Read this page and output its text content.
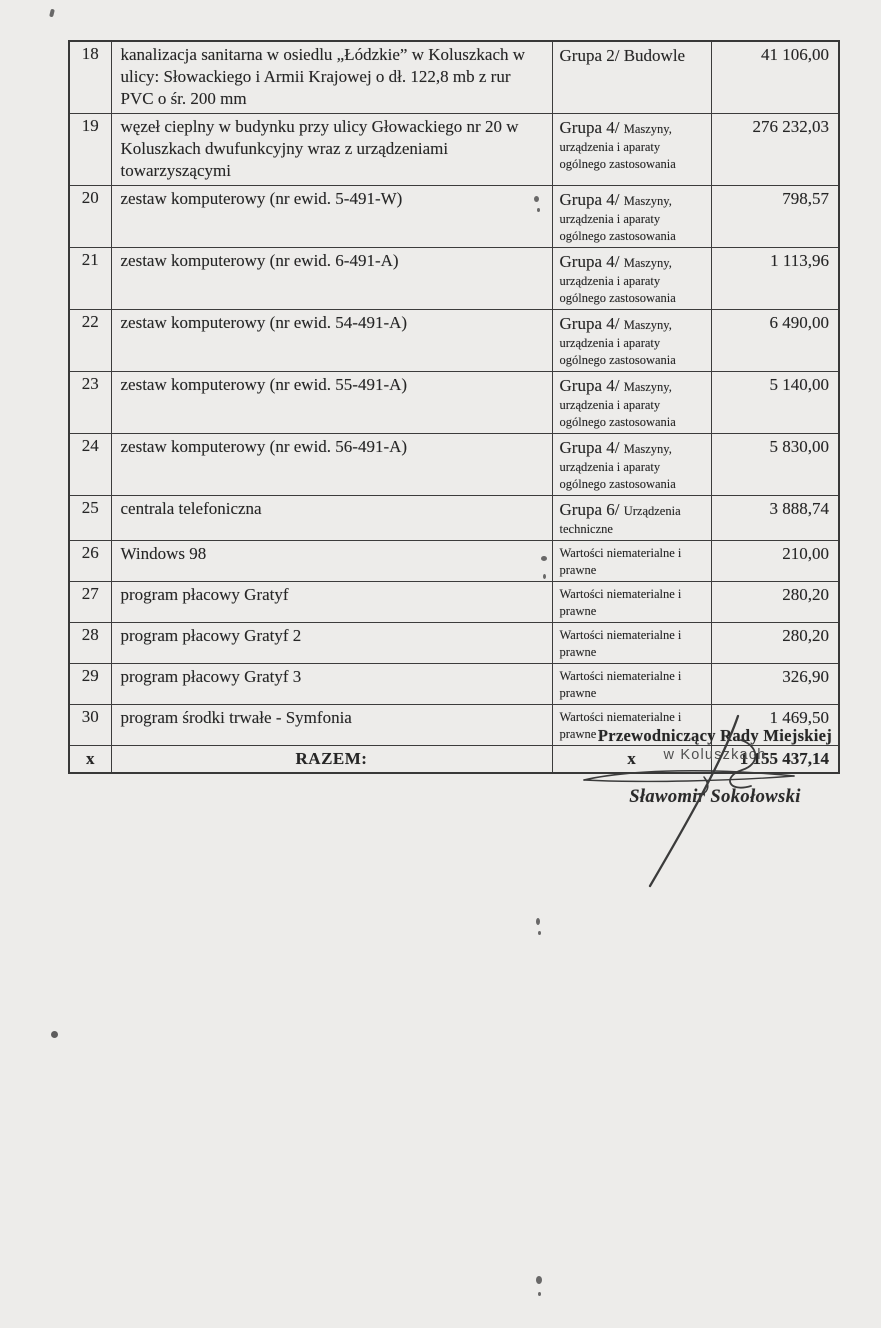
18	kanalizacja sanitarna w osiedlu „Łódzkie” w Koluszkach w ulicy: Słowackiego i Armii Krajowej o dł. 122,8 mb z rur PVC o śr. 200 mm	Grupa 2/ Budowle	41 106,00
19	węzeł cieplny w budynku przy ulicy Głowackiego nr 20 w Koluszkach dwufunkcyjny wraz z urządzeniami towarzyszącymi	Grupa 4/ Maszyny, urządzenia i aparaty ogólnego zastosowania	276 232,03
20	zestaw komputerowy (nr ewid. 5-491-W)	Grupa 4/ Maszyny, urządzenia i aparaty ogólnego zastosowania	798,57
21	zestaw komputerowy (nr ewid. 6-491-A)	Grupa 4/ Maszyny, urządzenia i aparaty ogólnego zastosowania	1 113,96
22	zestaw komputerowy (nr ewid. 54-491-A)	Grupa 4/ Maszyny, urządzenia i aparaty ogólnego zastosowania	6 490,00
23	zestaw komputerowy (nr ewid. 55-491-A)	Grupa 4/ Maszyny, urządzenia i aparaty ogólnego zastosowania	5 140,00
24	zestaw komputerowy (nr ewid. 56-491-A)	Grupa 4/ Maszyny, urządzenia i aparaty ogólnego zastosowania	5 830,00
25	centrala telefoniczna	Grupa 6/ Urządzenia techniczne	3 888,74
26	Windows 98	Wartości niematerialne i prawne	210,00
27	program płacowy Gratyf	Wartości niematerialne i prawne	280,20
28	program płacowy Gratyf 2	Wartości niematerialne i prawne	280,20
29	program płacowy Gratyf 3	Wartości niematerialne i prawne	326,90
30	program środki trwałe - Symfonia	Wartości niematerialne i prawne	1 469,50
x	RAZEM:	x	1 155 437,14
Przewodniczący Rady Miejskiej
w Koluszkach
Sławomir Sokołowski
